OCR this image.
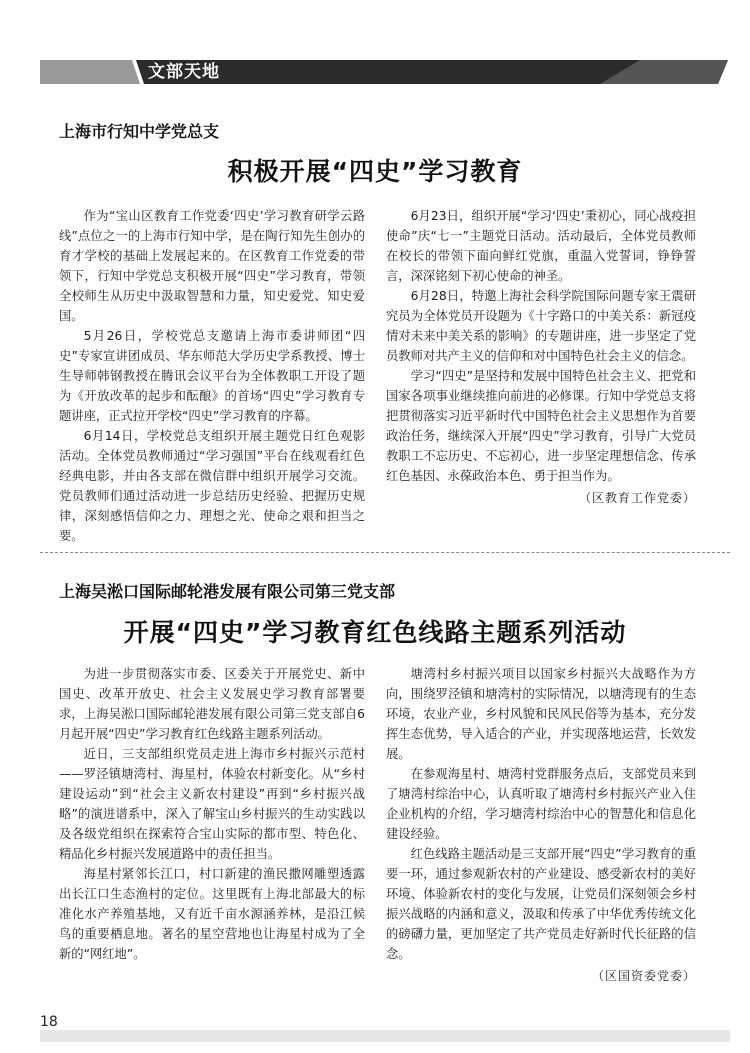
文部天地
上海市行知中学党总支
积极开展“四史”学习教育

作为“宝山区教育工作党委‘四史’学习教育研学云路线”点位之一的上海市行知中学，是在陶行知先生创办的育才学校的基础上发展起来的。在区教育工作党委的带领下，行知中学党总支积极开展“四史”学习教育，带领全校师生从历史中汲取智慧和力量，知史爱党、知史爱国。

5月26日，学校党总支邀请上海市委讲师团“四史”专家宣讲团成员、华东师范大学历史学系教授、博士生导师韩钢教授在腾讯会议平台为全体教职工开设了题为《开放改革的起步和酝酿》的首场“四史”学习教育专题讲座，正式拉开学校“四史”学习教育的序幕。

6月14日，学校党总支组织开展主题党日红色观影活动。全体党员教师通过“学习强国”平台在线观看红色经典电影，并由各支部在微信群中组织开展学习交流。党员教师们通过活动进一步总结历史经验、把握历史规律，深刻感悟信仰之力、理想之光、使命之艰和担当之要。

6月23日，组织开展“学习‘四史’秉初心，同心战疫担使命”庆“七一”主题党日活动。活动最后，全体党员教师在校长的带领下面向鲜红党旗，重温入党誓词，铮铮誓言，深深铭刻下初心使命的神圣。

6月28日，特邀上海社会科学院国际问题专家王震研究员为全体党员开设题为《十字路口的中美关系：新冠疫情对未来中美关系的影响》的专题讲座，进一步坚定了党员教师对共产主义的信仰和对中国特色社会主义的信念。

学习“四史”是坚持和发展中国特色社会主义、把党和国家各项事业继续推向前进的必修课。行知中学党总支将把贯彻落实习近平新时代中国特色社会主义思想作为首要政治任务，继续深入开展“四史”学习教育，引导广大党员教职工不忘历史、不忘初心，进一步坚定理想信念、传承红色基因、永葆政治本色、勇于担当作为。

（区教育工作党委）
上海吴淞口国际邮轮港发展有限公司第三党支部
开展“四史”学习教育红色线路主题系列活动

为进一步贯彻落实市委、区委关于开展党史、新中国史、改革开放史、社会主义发展史学习教育部署要求，上海吴淞口国际邮轮港发展有限公司第三党支部自6月起开展“四史”学习教育红色线路主题系列活动。

近日，三支部组织党员走进上海市乡村振兴示范村——罗泾镇塘湾村、海星村，体验农村新变化。从“乡村建设运动”到“社会主义新农村建设”再到“乡村振兴战略”的演进谱系中，深入了解宝山乡村振兴的生动实践以及各级党组织在探索符合宝山实际的都市型、特色化、精品化乡村振兴发展道路中的责任担当。

海星村紧邻长江口，村口新建的渔民撒网雕塑透露出长江口生态渔村的定位。这里既有上海北部最大的标准化水产养殖基地，又有近千亩水源涵养林，是沿江候鸟的重要栖息地。著名的星空营地也让海星村成为了全新的“网红地”。

塘湾村乡村振兴项目以国家乡村振兴大战略作为方向，围绕罗泾镇和塘湾村的实际情况，以塘湾现有的生态环境，农业产业，乡村风貌和民风民俗等为基本，充分发挥生态优势，导入适合的产业，并实现落地运营，长效发展。

在参观海星村、塘湾村党群服务点后，支部党员来到了塘湾村综治中心，认真听取了塘湾村乡村振兴产业入住企业机构的介绍，学习塘湾村综治中心的智慧化和信息化建设经验。

红色线路主题活动是三支部开展“四史”学习教育的重要一环，通过参观新农村的产业建设、感受新农村的美好环境、体验新农村的变化与发展，让党员们深刻领会乡村振兴战略的内涵和意义，汲取和传承了中华优秀传统文化的磅礴力量，更加坚定了共产党员走好新时代长征路的信念。

（区国资委党委）
18
